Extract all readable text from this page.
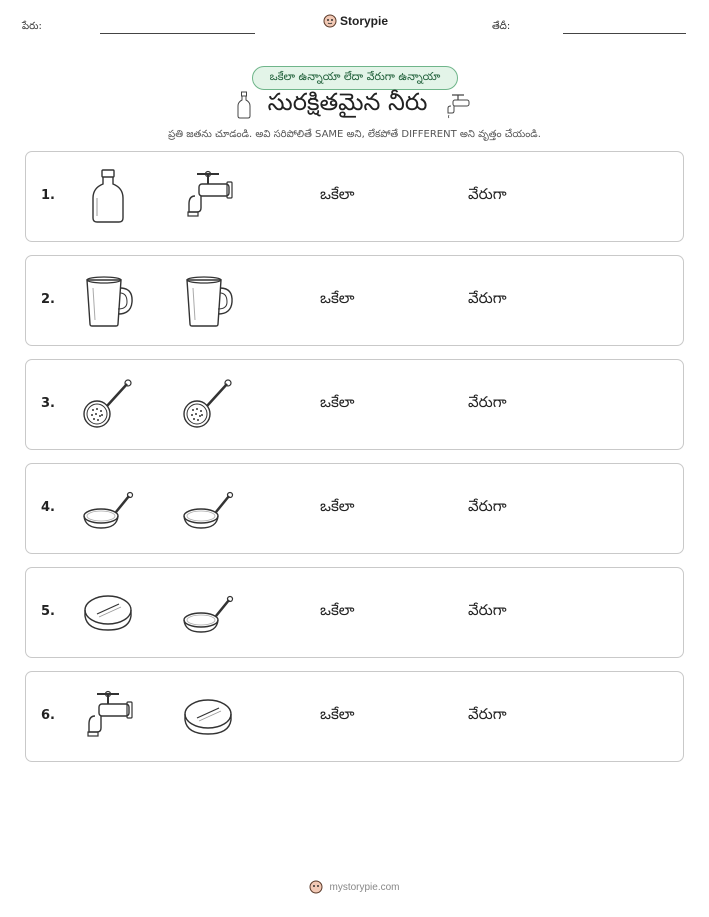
పేరు:	Storypie	తేదీ:
ఒకేలా ఉన్నాయా లేదా వేరుగా ఉన్నాయా
సురక్షితమైన నీరు
ప్రతి జతను చూడండి. అవి సరిపోలితే SAME అని, లేకపోతే DIFFERENT అని వృత్తం చేయండి.
1.	ఒకేలా	వేరుగా
2.	ఒకేలా	వేరుగా
3.	ఒకేలా	వేరుగా
4.	ఒకేలా	వేరుగా
5.	ఒకేలా	వేరుగా
6.	ఒకేలా	వేరుగా
mystorypie.com
